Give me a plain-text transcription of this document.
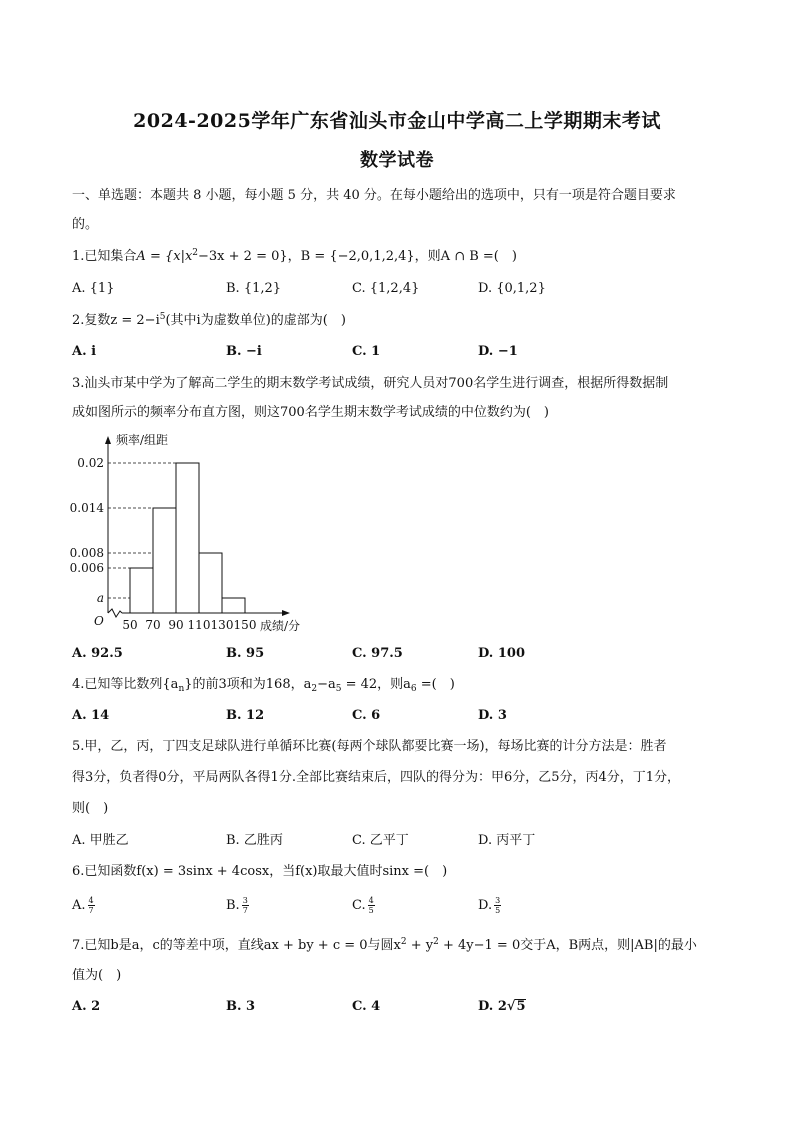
2024-2025学年广东省汕头市金山中学高二上学期期末考试
数学试卷
一、单选题：本题共 8 小题，每小题 5 分，共 40 分。在每小题给出的选项中，只有一项是符合题目要求
的。
1.已知集合$A = \{x|x^2-3x + 2 = 0\}$，B = {−2,0,1,2,4}，则A ∩ B =(　)
A. {1}	B. {1,2}	C. {1,2,4}	D. {0,1,2}
2.复数$z = 2-i^5$(其中i为虚数单位)的虚部为(　)
A. i	B. −i	C. 1	D. −1
3.汕头市某中学为了解高二学生的期末数学考试成绩，研究人员对700名学生进行调查，根据所得数据制
成如图所示的频率分布直方图，则这700名学生期末数学考试成绩的中位数约为(　)
0.02
0.014
0.008
0.006
a
50 70 90 110 130 150
O
频率/组距
成绩/分
A. 92.5	B. 95	C. 97.5	D. 100
4.已知等比数列$\{a_n\}$的前3项和为168，$a_2-a_5 = 42$，则$a_6$ =(　)
A. 14	B. 12	C. 6	D. 3
5.甲，乙，丙，丁四支足球队进行单循环比赛(每两个球队都要比赛一场)，每场比赛的计分方法是：胜者
得3分，负者得0分，平局两队各得1分.全部比赛结束后，四队的得分为：甲6分，乙5分，丙4分，丁1分，
则(　)
A. 甲胜乙	B. 乙胜丙	C. 乙平丁	D. 丙平丁
6.已知函数f(x) = 3sinx + 4cosx，当f(x)取最大值时sinx =(　)
A. $\frac{4}{7}$	B. $\frac{3}{7}$	C. $\frac{4}{5}$	D. $\frac{3}{5}$
7.已知b是a，c的等差中项，直线ax + by + c = 0与圆$x^2 + y^2 + 4y-1 = 0$交于A，B两点，则|AB|的最小
值为(　)
A. 2	B. 3	C. 4	D. 2√5
